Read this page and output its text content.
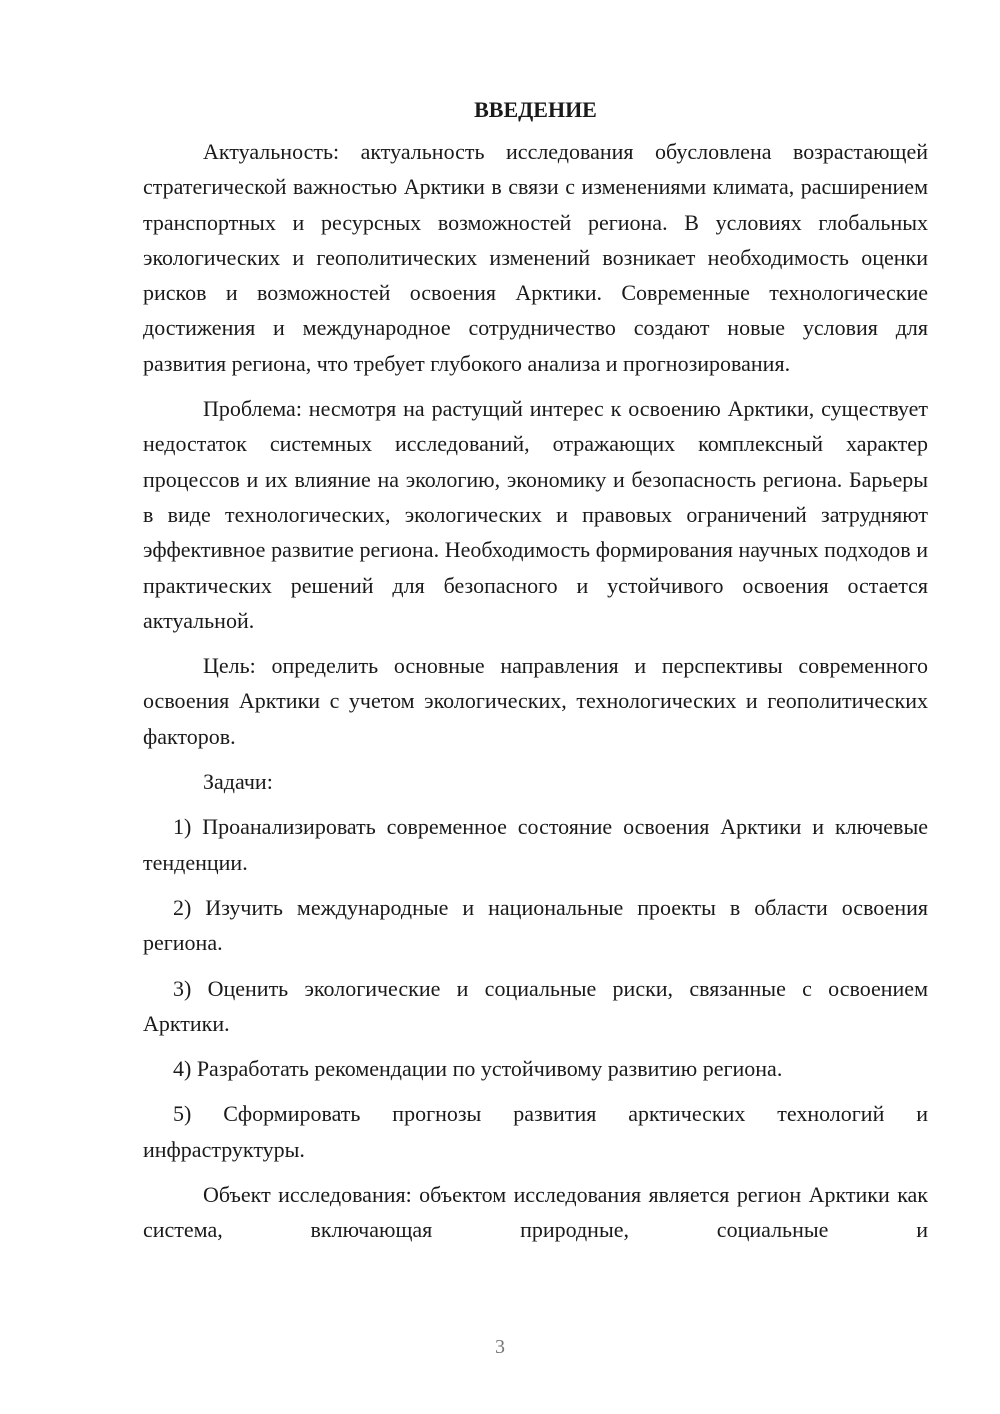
ВВЕДЕНИЕ

Актуальность: актуальность исследования обусловлена возрастающей стратегической важностью Арктики в связи с изменениями климата, расширением транспортных и ресурсных возможностей региона. В условиях глобальных экологических и геополитических изменений возникает необходимость оценки рисков и возможностей освоения Арктики. Современные технологические достижения и международное сотрудничество создают новые условия для развития региона, что требует глубокого анализа и прогнозирования.

Проблема: несмотря на растущий интерес к освоению Арктики, существует недостаток системных исследований, отражающих комплексный характер процессов и их влияние на экологию, экономику и безопасность региона. Барьеры в виде технологических, экологических и правовых ограничений затрудняют эффективное развитие региона. Необходимость формирования научных подходов и практических решений для безопасного и устойчивого освоения остается актуальной.

Цель: определить основные направления и перспективы современного освоения Арктики с учетом экологических, технологических и геополитических факторов.

Задачи:

1) Проанализировать современное состояние освоения Арктики и ключевые тенденции.

2) Изучить международные и национальные проекты в области освоения региона.

3) Оценить экологические и социальные риски, связанные с освоением Арктики.

4) Разработать рекомендации по устойчивому развитию региона.

5) Сформировать прогнозы развития арктических технологий и инфраструктуры.

Объект исследования: объектом исследования является регион Арктики как система, включающая природные, социальные и

3
